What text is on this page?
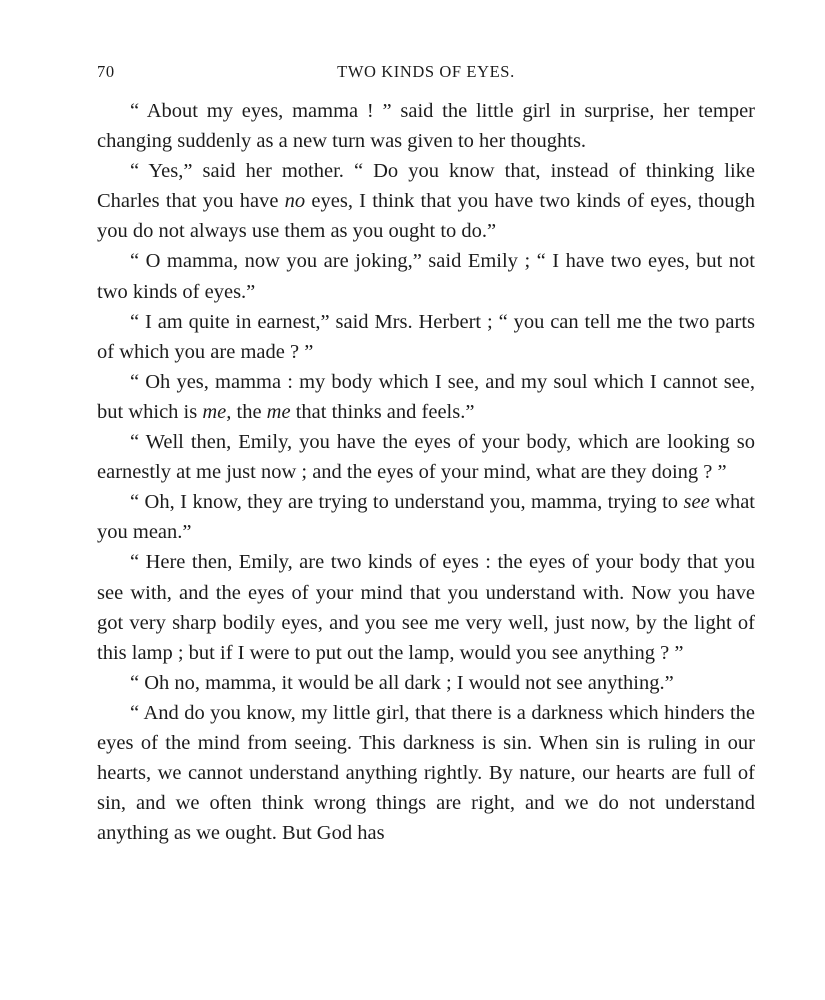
70	TWO KINDS OF EYES.

“ About my eyes, mamma ! ” said the little girl in surprise, her temper changing suddenly as a new turn was given to her thoughts.

“ Yes,” said her mother. “ Do you know that, instead of thinking like Charles that you have no eyes, I think that you have two kinds of eyes, though you do not always use them as you ought to do.”

“ O mamma, now you are joking,” said Emily ; “ I have two eyes, but not two kinds of eyes.”

“ I am quite in earnest,” said Mrs. Herbert ; “ you can tell me the two parts of which you are made ? ”

“ Oh yes, mamma : my body which I see, and my soul which I cannot see, but which is me, the me that thinks and feels.”

“ Well then, Emily, you have the eyes of your body, which are looking so earnestly at me just now ; and the eyes of your mind, what are they doing ? ”

“ Oh, I know, they are trying to understand you, mamma, trying to see what you mean.”

“ Here then, Emily, are two kinds of eyes : the eyes of your body that you see with, and the eyes of your mind that you understand with. Now you have got very sharp bodily eyes, and you see me very well, just now, by the light of this lamp ; but if I were to put out the lamp, would you see anything ? ”

“ Oh no, mamma, it would be all dark ; I would not see anything.”

“ And do you know, my little girl, that there is a darkness which hinders the eyes of the mind from seeing. This darkness is sin. When sin is ruling in our hearts, we cannot understand anything rightly. By nature, our hearts are full of sin, and we often think wrong things are right, and we do not understand anything as we ought. But God has
